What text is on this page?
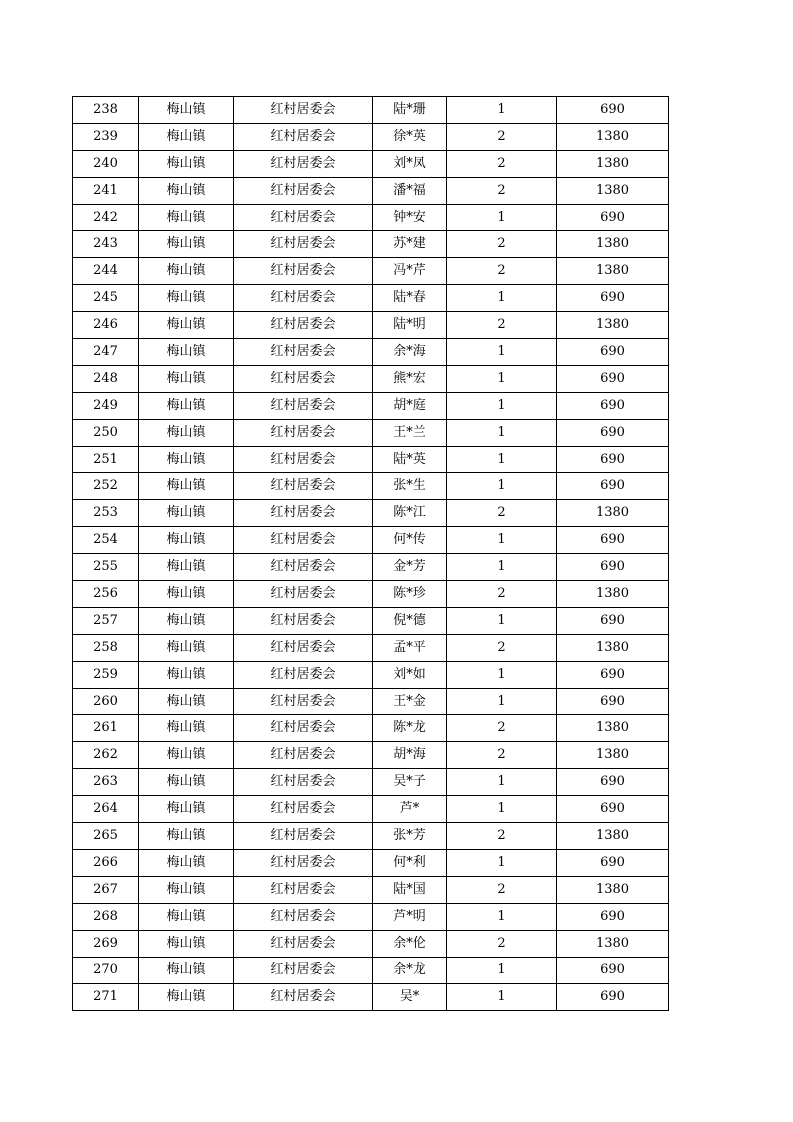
238	梅山镇	红村居委会	陆*珊	1	690
239	梅山镇	红村居委会	徐*英	2	1380
240	梅山镇	红村居委会	刘*凤	2	1380
241	梅山镇	红村居委会	潘*福	2	1380
242	梅山镇	红村居委会	钟*安	1	690
243	梅山镇	红村居委会	苏*建	2	1380
244	梅山镇	红村居委会	冯*芹	2	1380
245	梅山镇	红村居委会	陆*春	1	690
246	梅山镇	红村居委会	陆*明	2	1380
247	梅山镇	红村居委会	余*海	1	690
248	梅山镇	红村居委会	熊*宏	1	690
249	梅山镇	红村居委会	胡*庭	1	690
250	梅山镇	红村居委会	王*兰	1	690
251	梅山镇	红村居委会	陆*英	1	690
252	梅山镇	红村居委会	张*生	1	690
253	梅山镇	红村居委会	陈*江	2	1380
254	梅山镇	红村居委会	何*传	1	690
255	梅山镇	红村居委会	金*芳	1	690
256	梅山镇	红村居委会	陈*珍	2	1380
257	梅山镇	红村居委会	倪*德	1	690
258	梅山镇	红村居委会	孟*平	2	1380
259	梅山镇	红村居委会	刘*如	1	690
260	梅山镇	红村居委会	王*金	1	690
261	梅山镇	红村居委会	陈*龙	2	1380
262	梅山镇	红村居委会	胡*海	2	1380
263	梅山镇	红村居委会	吴*子	1	690
264	梅山镇	红村居委会	芦*	1	690
265	梅山镇	红村居委会	张*芳	2	1380
266	梅山镇	红村居委会	何*利	1	690
267	梅山镇	红村居委会	陆*国	2	1380
268	梅山镇	红村居委会	芦*明	1	690
269	梅山镇	红村居委会	余*伦	2	1380
270	梅山镇	红村居委会	余*龙	1	690
271	梅山镇	红村居委会	吴*	1	690
